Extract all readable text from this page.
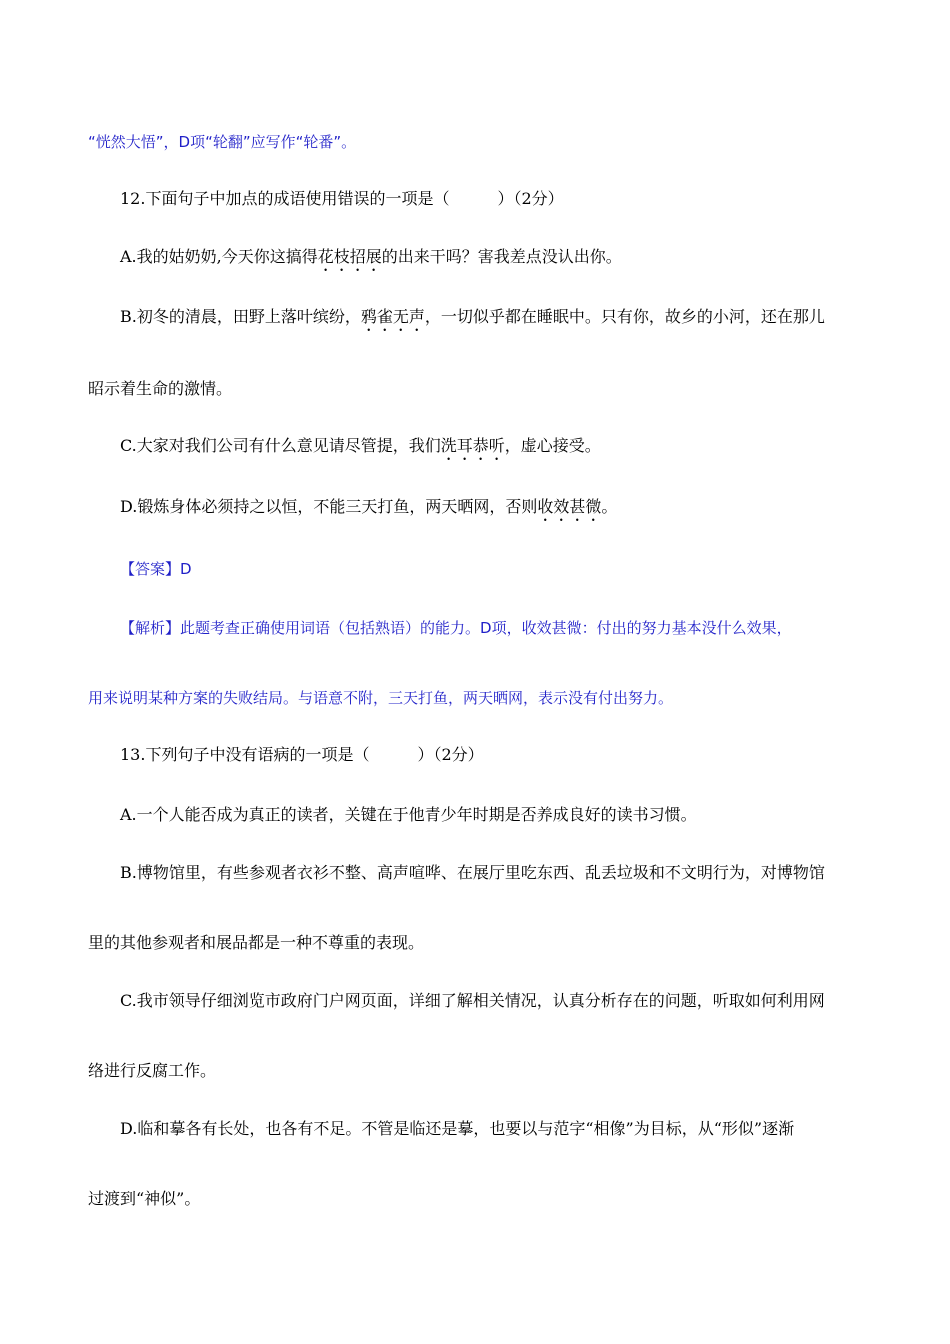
“恍然大悟”，D项“轮翻”应写作“轮番”。
12.下面句子中加点的成语使用错误的一项是（　　　）（2分）
A.我的姑奶奶,今天你这搞得花枝招展的出来干吗？害我差点没认出你。
B.初冬的清晨，田野上落叶缤纷，鸦雀无声，一切似乎都在睡眠中。只有你，故乡的小河，还在那儿
昭示着生命的激情。
C.大家对我们公司有什么意见请尽管提，我们洗耳恭听，虚心接受。
D.锻炼身体必须持之以恒，不能三天打鱼，两天晒网，否则收效甚微。
【答案】D
【解析】此题考查正确使用词语（包括熟语）的能力。D项，收效甚微：付出的努力基本没什么效果，
用来说明某种方案的失败结局。与语意不附，三天打鱼，两天晒网，表示没有付出努力。
13.下列句子中没有语病的一项是（　　　）（2分）
A.一个人能否成为真正的读者，关键在于他青少年时期是否养成良好的读书习惯。
B.博物馆里，有些参观者衣衫不整、高声喧哗、在展厅里吃东西、乱丢垃圾和不文明行为，对博物馆
里的其他参观者和展品都是一种不尊重的表现。
C.我市领导仔细浏览市政府门户网页面，详细了解相关情况，认真分析存在的问题，听取如何利用网
络进行反腐工作。
D.临和摹各有长处，也各有不足。不管是临还是摹，也要以与范字“相像”为目标，从“形似”逐渐
过渡到“神似”。
